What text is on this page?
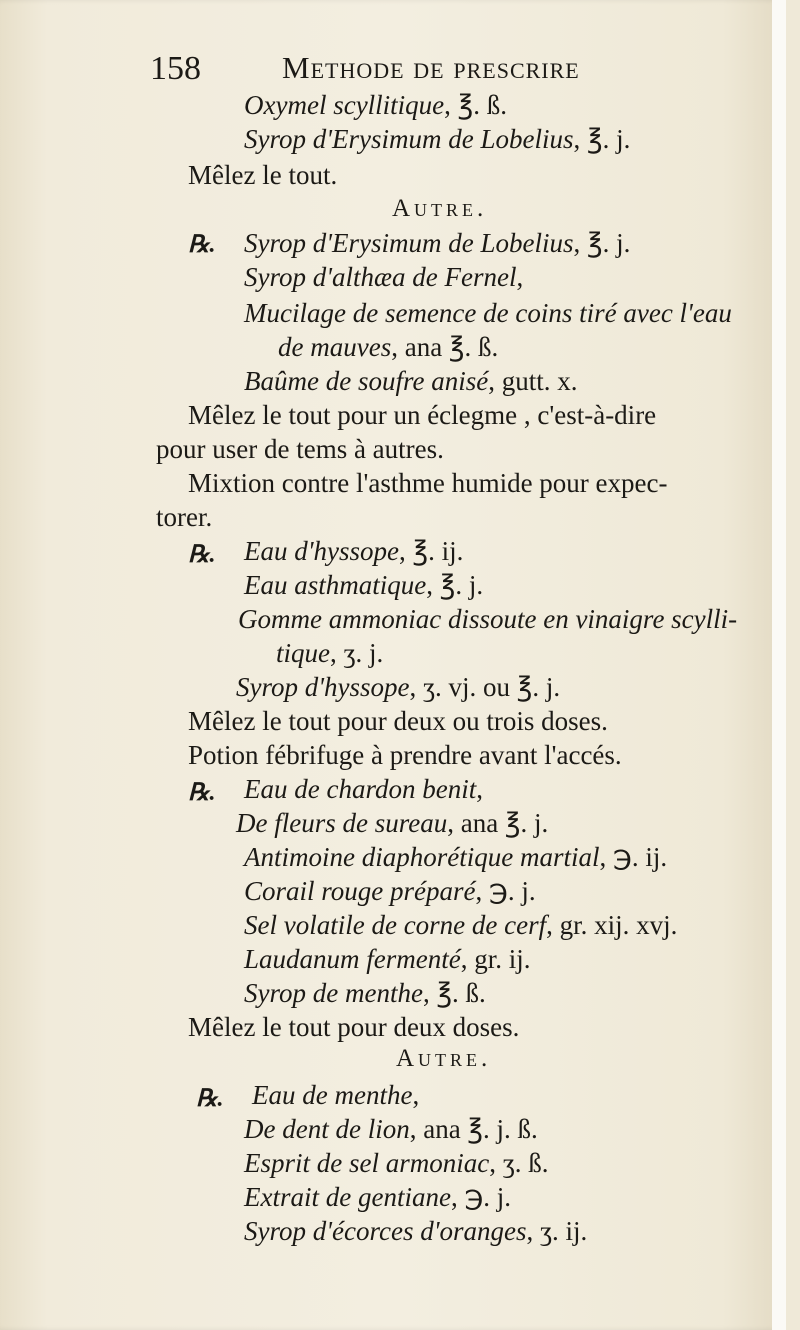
158	Methode de prescrire
Oxymel scyllitique, ℥. ß.
Syrop d'Erysimum de Lobelius, ℥. j.
Mêlez le tout.
Autre.
℞. Syrop d'Erysimum de Lobelius, ℥. j.
Syrop d'althæa de Fernel,
Mucilage de semence de coins tiré avec l'eau
de mauves, ana ℥. ß.
Baûme de soufre anisé, gutt. x.
Mêlez le tout pour un éclegme , c'est-à-dire
pour user de tems à autres.
Mixtion contre l'asthme humide pour expec-
torer.
℞. Eau d'hyssope, ℥. ij.
Eau asthmatique, ℥. j.
Gomme ammoniac dissoute en vinaigre scylli-
tique, ʒ. j.
Syrop d'hyssope, ʒ. vj. ou ℥. j.
Mêlez le tout pour deux ou trois doses.
Potion fébrifuge à prendre avant l'accés.
℞. Eau de chardon benit,
De fleurs de sureau, ana ℥. j.
Antimoine diaphorétique martial, ℈. ij.
Corail rouge préparé, ℈. j.
Sel volatile de corne de cerf, gr. xij. xvj.
Laudanum fermenté, gr. ij.
Syrop de menthe, ℥. ß.
Mêlez le tout pour deux doses.
Autre.
℞. Eau de menthe,
De dent de lion, ana ℥. j. ß.
Esprit de sel armoniac, ʒ. ß.
Extrait de gentiane, ℈. j.
Syrop d'écorces d'oranges, ʒ. ij.
